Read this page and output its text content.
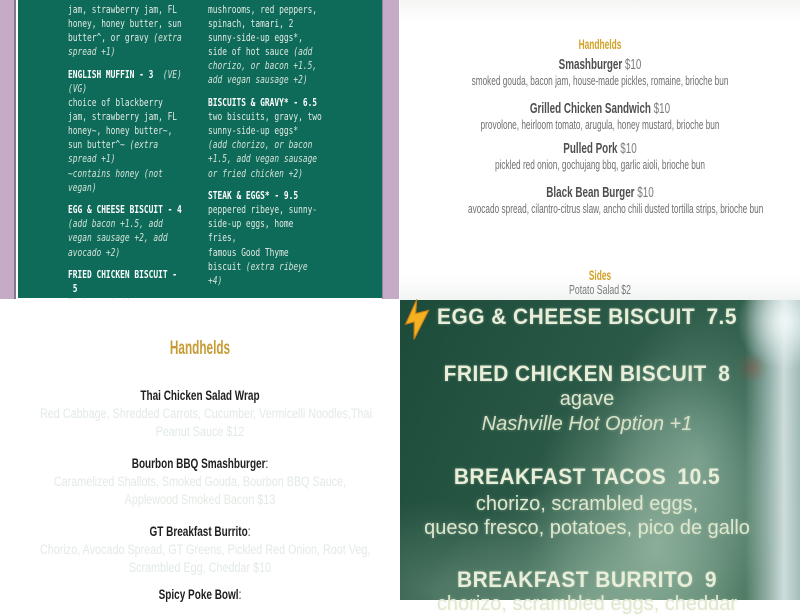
jam, strawberry jam, FL
honey, honey butter, sun
butter^, or gravy (extra
spread +1)
ENGLISH MUFFIN - 3  (VE)
(VG)
choice of blackberry
jam, strawberry jam, FL
honey~, honey butter~,
sun butter^~ (extra
spread +1)
~contains honey (not
vegan)
EGG & CHEESE BISCUIT - 4
(add bacon +1.5, add
vegan sausage +2, add
avocado +2)
FRIED CHICKEN BISCUIT -
5
mushrooms, red peppers,
spinach, tamari, 2
sunny-side-up eggs*,
side of hot sauce (add
chorizo, or bacon +1.5,
add vegan sausage +2)
BISCUITS & GRAVY* - 6.5
two biscuits, gravy, two
sunny-side-up eggs*
(add chorizo, or bacon
+1.5, add vegan sausage
or fried chicken +2)
STEAK & EGGS* - 9.5
peppered ribeye, sunny-
side-up eggs, home
fries,
famous Good Thyme
biscuit (extra ribeye
+4)
Handhelds
Smashburger $10
smoked gouda, bacon jam, house-made pickles, romaine, brioche bun
Grilled Chicken Sandwich $10
provolone, heirloom tomato, arugula, honey mustard, brioche bun
Pulled Pork $10
pickled red onion, gochujang bbq, garlic aioli, brioche bun
Black Bean Burger $10
avocado spread, cilantro-citrus slaw, ancho chili dusted tortilla strips, brioche bun
Sides
Potato Salad $2
Handhelds
Thai Chicken Salad Wrap
Red Cabbage, Shredded Carrots, Cucumber, Vermicelli Noodles,Thai
Peanut Sauce $12
Bourbon BBQ Smashburger:
Caramelized Shallots, Smoked Gouda, Bourbon BBQ Sauce,
Applewood Smoked Bacon $13
GT Breakfast Burrito:
Chorizo, Avocado Spread, GT Greens, Pickled Red Onion, Root Veg,
Scrambled Egg, Cheddar $10
Spicy Poke Bowl:
EGG & CHEESE BISCUIT 7.5
FRIED CHICKEN BISCUIT 8
agave
Nashville Hot Option +1
BREAKFAST TACOS 10.5
chorizo, scrambled eggs,
queso fresco, potatoes, pico de gallo
BREAKFAST BURRITO 9
chorizo, scrambled eggs, cheddar
